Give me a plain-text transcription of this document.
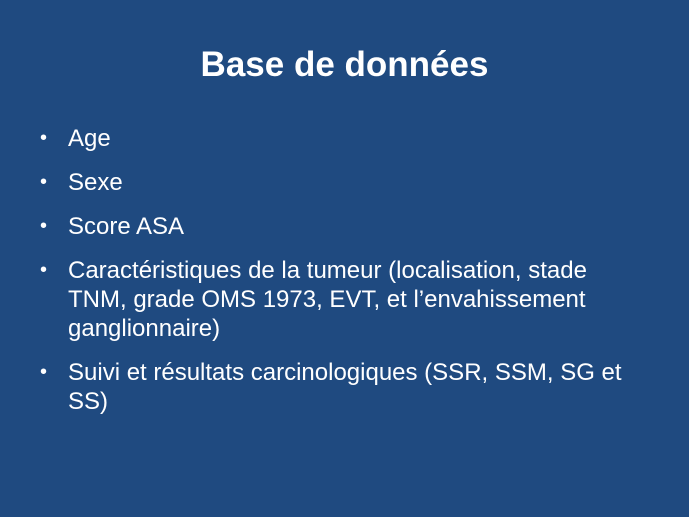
Base de données
• Age
• Sexe
• Score ASA
• Caractéristiques de la tumeur (localisation, stade TNM, grade OMS 1973, EVT, et l’envahissement ganglionnaire)
• Suivi et résultats carcinologiques (SSR, SSM, SG et SS)
